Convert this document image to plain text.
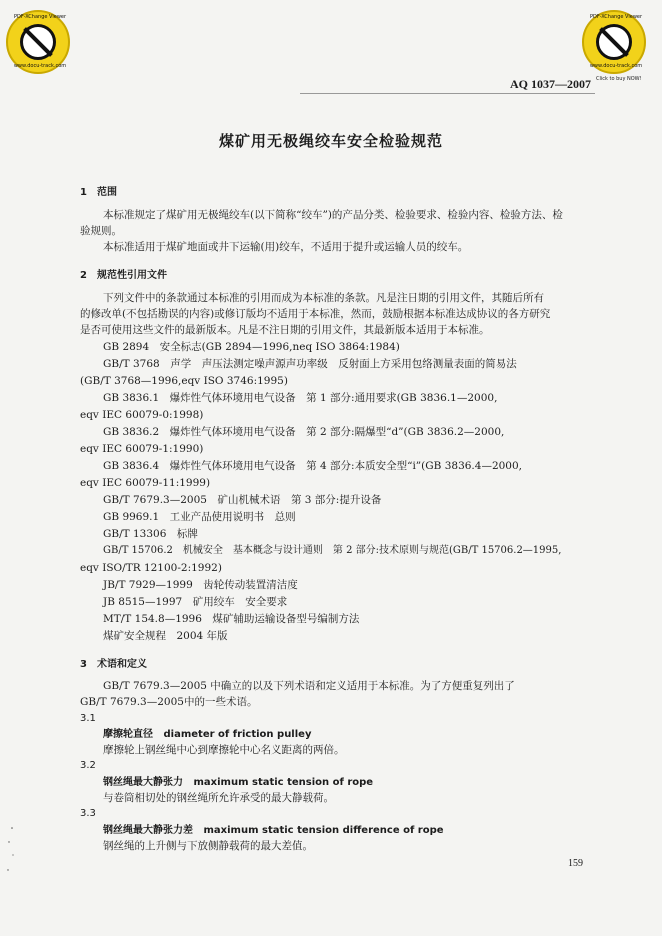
PDF-XChange Viewer
www.docu-track.com
PDF-XChange Viewer
www.docu-track.com
Click to buy NOW!
AQ 1037—2007
煤矿用无极绳绞车安全检验规范
1　 范围
本标准规定了煤矿用无极绳绞车(以下简称“绞车”)的产品分类、检验要求、检验内容、检验方法、检
验规则。
本标准适用于煤矿地面或井下运输(用)绞车，不适用于提升或运输人员的绞车。
2　 规范性引用文件
下列文件中的条款通过本标准的引用而成为本标准的条款。凡是注日期的引用文件，其随后所有
的修改单(不包括勘误的内容)或修订版均不适用于本标准，然而，鼓励根据本标准达成协议的各方研究
是否可使用这些文件的最新版本。凡是不注日期的引用文件，其最新版本适用于本标准。
GB 2894　安全标志(GB 2894—1996,neq ISO 3864:1984)
GB/T 3768　声学　声压法测定噪声源声功率级　反射面上方采用包络测量表面的简易法
(GB/T 3768—1996,eqv ISO 3746:1995)
GB 3836.1　爆炸性气体环境用电气设备　第 1 部分:通用要求(GB 3836.1—2000,
eqv IEC 60079-0:1998)
GB 3836.2　爆炸性气体环境用电气设备　第 2 部分:隔爆型“d”(GB 3836.2—2000,
eqv IEC 60079-1:1990)
GB 3836.4　爆炸性气体环境用电气设备　第 4 部分:本质安全型“i”(GB 3836.4—2000,
eqv IEC 60079-11:1999)
GB/T 7679.3—2005　矿山机械术语　第 3 部分:提升设备
GB 9969.1　工业产品使用说明书　总则
GB/T 13306　标牌
GB/T 15706.2　机械安全　基本概念与设计通则　第 2 部分:技术原则与规范(GB/T 15706.2—1995,
eqv ISO/TR 12100-2:1992)
JB/T 7929—1999　齿轮传动装置清洁度
JB 8515—1997　矿用绞车　安全要求
MT/T 154.8—1996　煤矿辅助运输设备型号编制方法
煤矿安全规程　2004 年版
3　 术语和定义
GB/T 7679.3—2005 中确立的以及下列术语和定义适用于本标准。为了方便重复列出了
GB/T 7679.3—2005中的一些术语。
3.1
摩擦轮直径　 diameter of friction pulley
摩擦轮上钢丝绳中心到摩擦轮中心名义距离的两倍。
3.2
钢丝绳最大静张力　 maximum static tension of rope
与卷筒相切处的钢丝绳所允许承受的最大静载荷。
3.3
钢丝绳最大静张力差　 maximum static tension difference of rope
钢丝绳的上升侧与下放侧静载荷的最大差值。
159
